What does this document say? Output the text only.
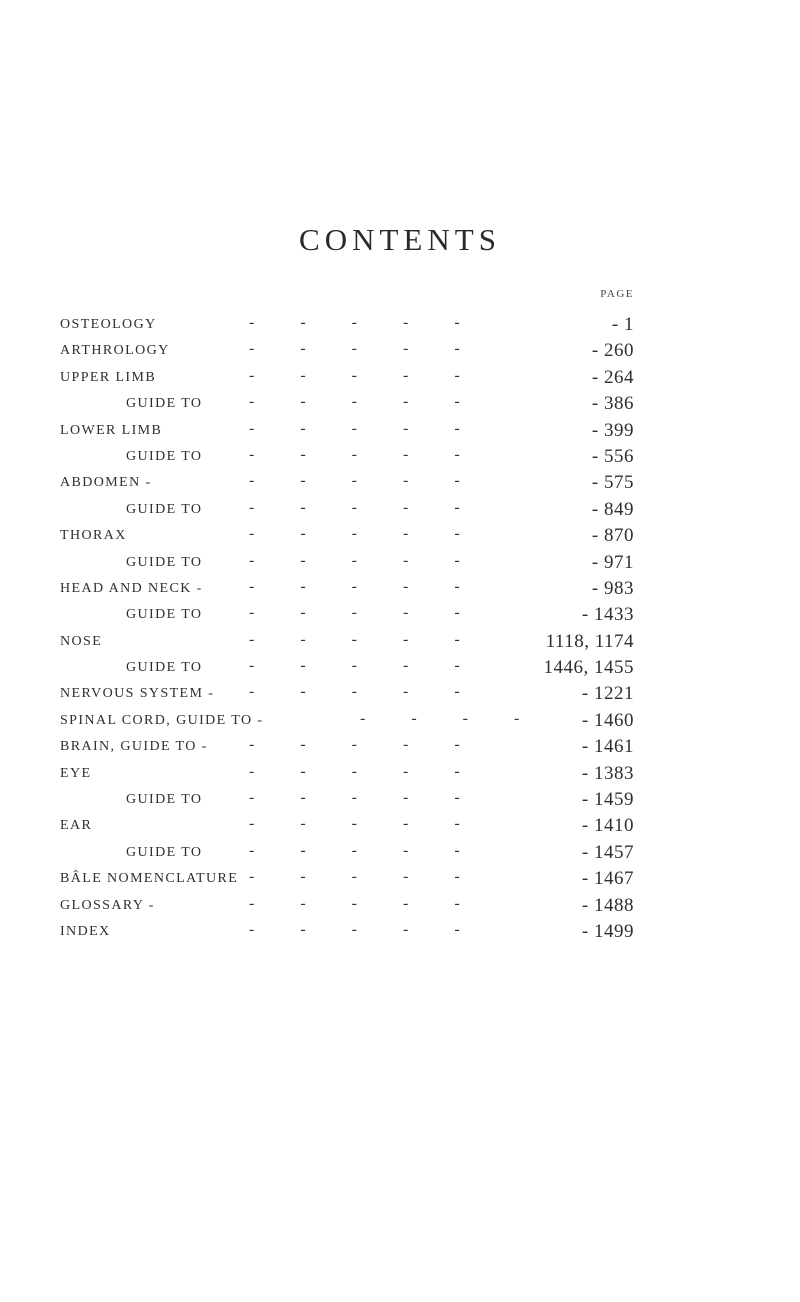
CONTENTS
PAGE
OSTEOLOGY	- - - - -	- 1
ARTHROLOGY	- - - - -	- 260
UPPER LIMB	- - - - -	- 264
GUIDE TO	- - - - -	- 386
LOWER LIMB	- - - - -	- 399
GUIDE TO	- - - - -	- 556
ABDOMEN -	- - - - -	- 575
GUIDE TO	- - - - -	- 849
THORAX	- - - - -	- 870
GUIDE TO	- - - - -	- 971
HEAD AND NECK -	- - - - -	- 983
GUIDE TO	- - - - -	- 1433
NOSE	- - - - -	1118, 1174
GUIDE TO	- - - - -	1446, 1455
NERVOUS SYSTEM - - - - - -	- 1221
SPINAL CORD, GUIDE TO -	- - - -	- 1460
BRAIN, GUIDE TO -	- - - - -	- 1461
EYE	- - - - -	- 1383
GUIDE TO	- - - - -	- 1459
EAR	- - - - -	- 1410
GUIDE TO	- - - - -	- 1457
BÂLE NOMENCLATURE - - - - -	- 1467
GLOSSARY -	- - - - -	- 1488
INDEX	- - - - -	- 1499
